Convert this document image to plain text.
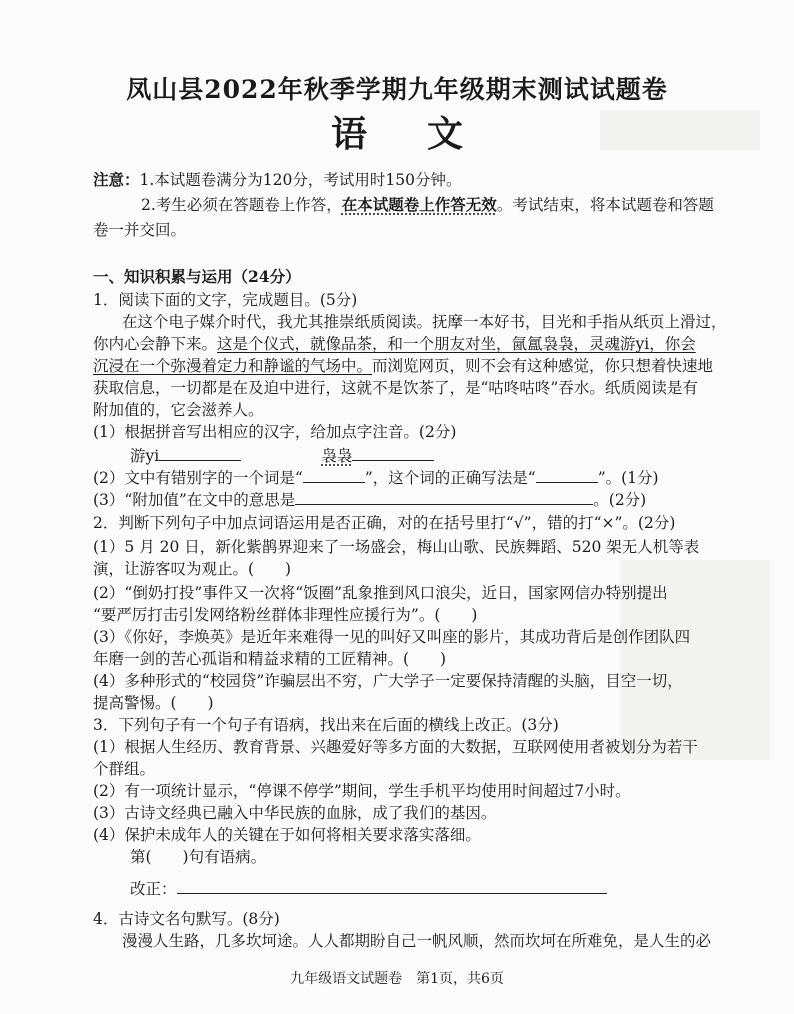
凤山县2022年秋季学期九年级期末测试试题卷
语文
注意：1.本试题卷满分为120分，考试用时150分钟。
2.考生必须在答题卷上作答，在本试题卷上作答无效。考试结束，将本试题卷和答题
卷一并交回。
一、知识积累与运用（24分）
1．阅读下面的文字，完成题目。(5分)
在这个电子媒介时代，我尤其推崇纸质阅读。抚摩一本好书，目光和手指从纸页上滑过，
你内心会静下来。这是个仪式，就像品茶，和一个朋友对坐，氤氲袅袅，灵魂游yi，你会
沉浸在一个弥漫着定力和静谧的气场中。而浏览网页，则不会有这种感觉，你只想着快速地
获取信息，一切都是在及迫中进行，这就不是饮茶了，是“咕咚咕咚”吞水。纸质阅读是有
附加值的，它会滋养人。
(1）根据拼音写出相应的汉字，给加点字注音。(2分)
游yi	袅袅
(2）文中有错别字的一个词是“	”，这个词的正确写法是“	”。(1分)
(3）“附加值”在文中的意思是	。(2分)
2．判断下列句子中加点词语运用是否正确，对的在括号里打“√”，错的打“×”。(2分)
(1）5 月 20 日，新化紫鹊界迎来了一场盛会，梅山山歌、民族舞蹈、520 架无人机等表
演，让游客叹为观止。(　　)
(2）“倒奶打投”事件又一次将“饭圈”乱象推到风口浪尖，近日，国家网信办特别提出
“要严厉打击引发网络粉丝群体非理性应援行为”。(　　)
(3）《你好，李焕英》是近年来难得一见的叫好又叫座的影片，其成功背后是创作团队四
年磨一剑的苦心孤诣和精益求精的工匠精神。(　　)
(4）多种形式的“校园贷”诈骗层出不穷，广大学子一定要保持清醒的头脑，目空一切，
提高警惕。(　　)
3．下列句子有一个句子有语病，找出来在后面的横线上改正。(3分)
(1）根据人生经历、教育背景、兴趣爱好等多方面的大数据，互联网使用者被划分为若干
个群组。
(2）有一项统计显示，“停课不停学”期间，学生手机平均使用时间超过7小时。
(3）古诗文经典已融入中华民族的血脉，成了我们的基因。
(4）保护未成年人的关键在于如何将相关要求落实落细。
第(　　)句有语病。
改正：
4．古诗文名句默写。(8分)
漫漫人生路，几多坎坷途。人人都期盼自己一帆风顺，然而坎坷在所难免，是人生的必
九年级语文试题卷　第1页，共6页
